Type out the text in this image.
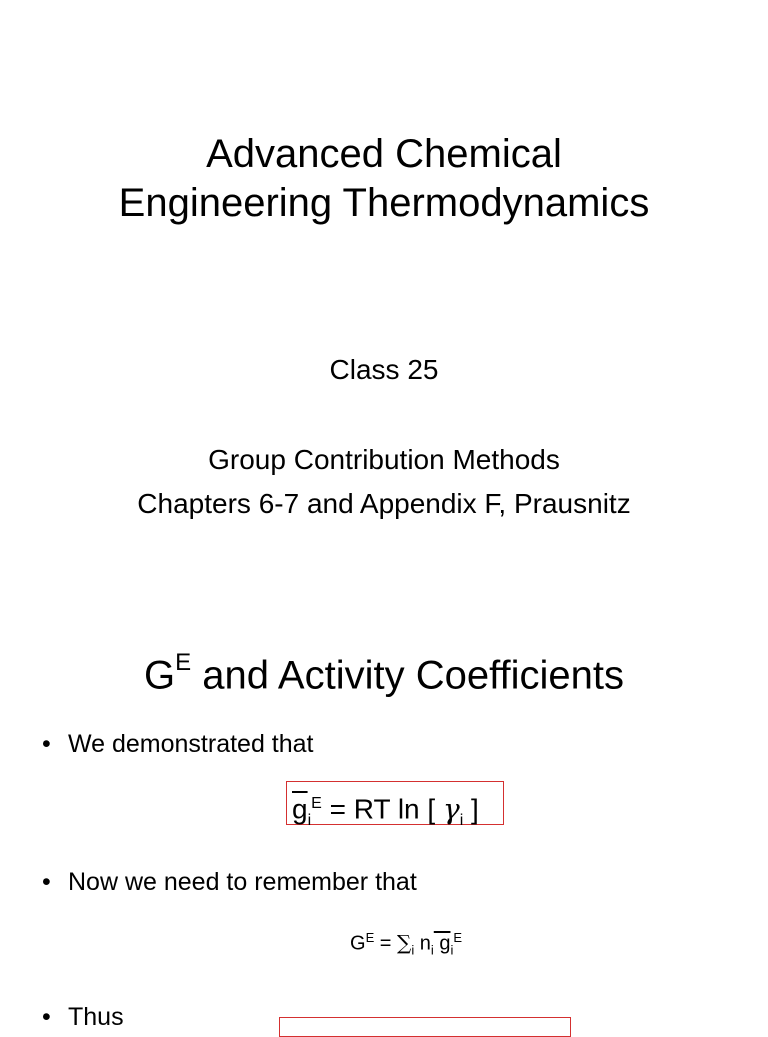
Advanced Chemical
Engineering Thermodynamics

Class 25

Group Contribution Methods

Chapters 6-7 and Appendix F, Prausnitz

$G^E$ and Activity Coefficients

• We demonstrated that

$\overline{g}_i^E$ = RT ln [ $\gamma_i$ ]

• Now we need to remember that

$G^E = \sum_i$ $n_i$ $g_i^E$

• Thus
